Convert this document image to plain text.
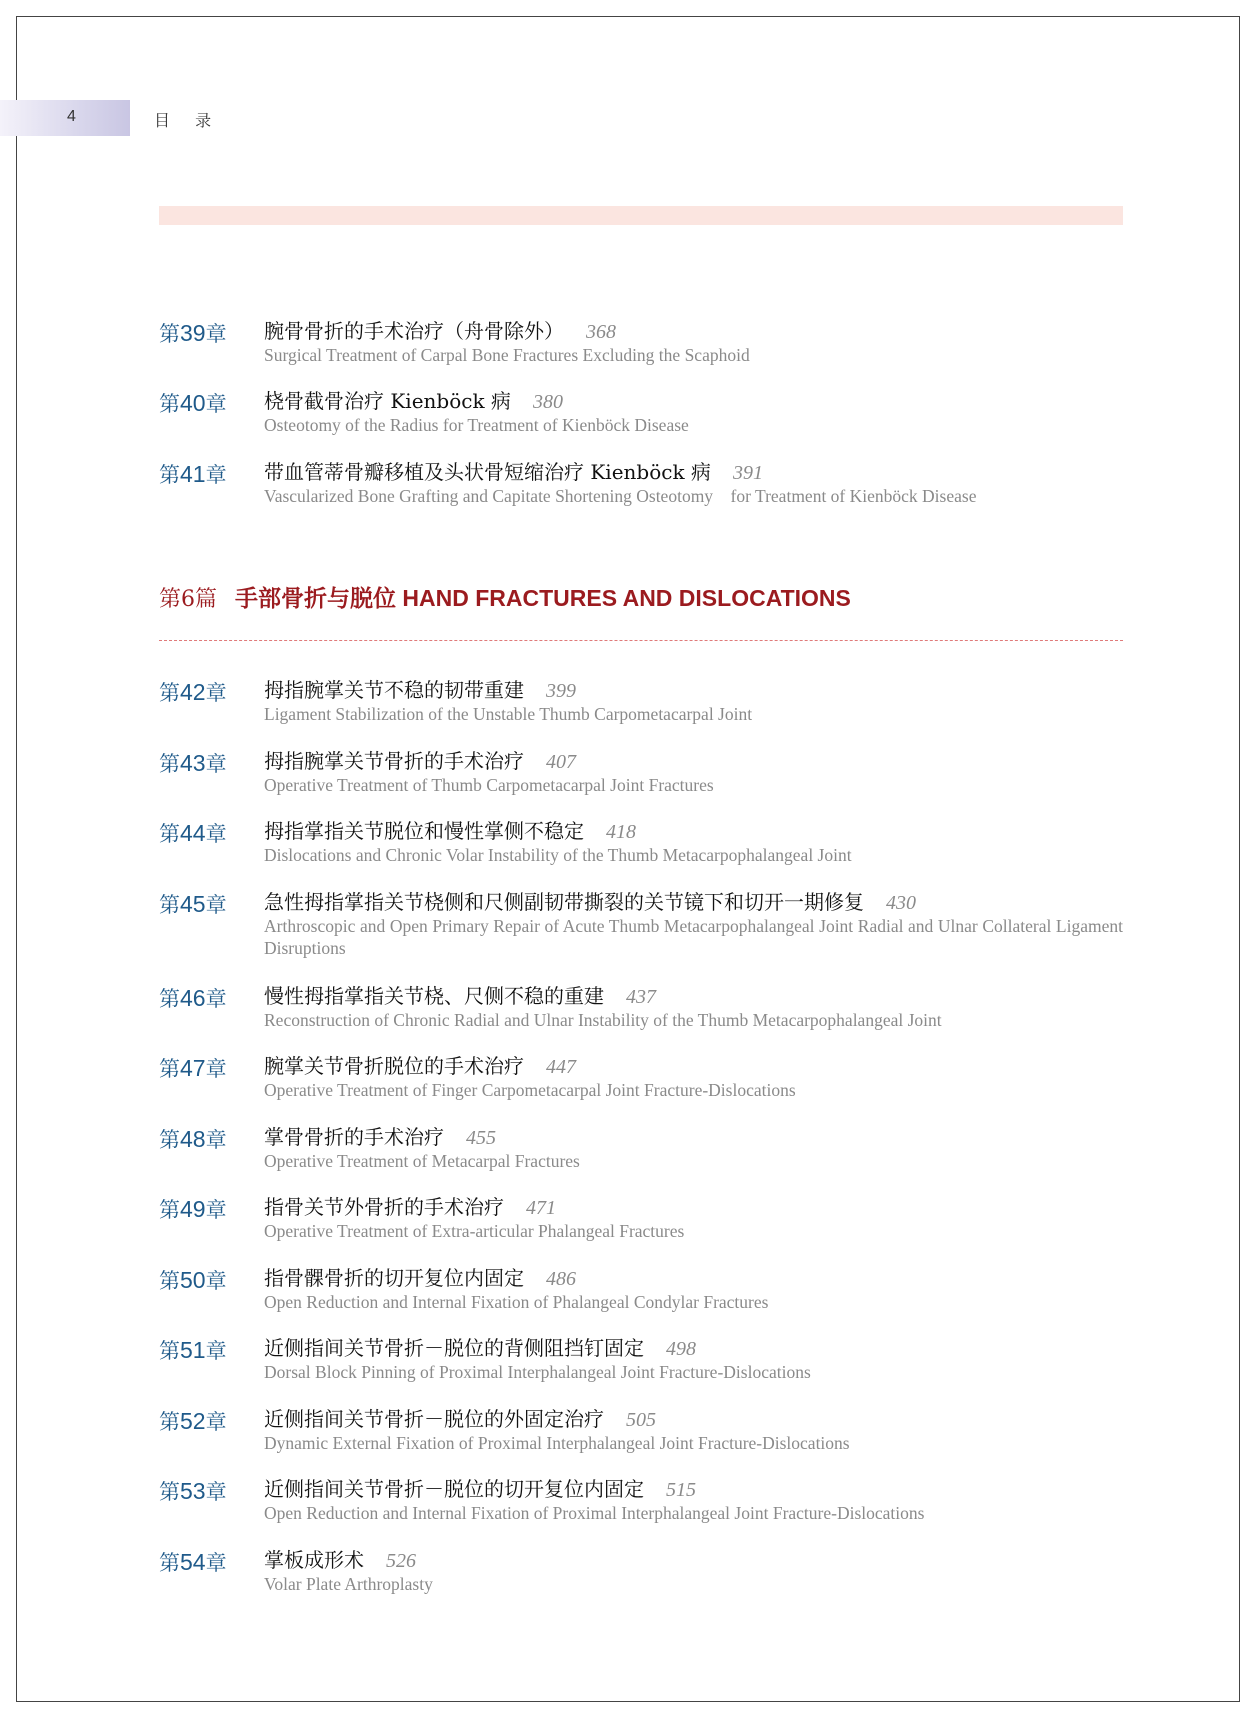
4	目 录
第39章 腕骨骨折的手术治疗（舟骨除外） 368
Surgical Treatment of Carpal Bone Fractures Excluding the Scaphoid
第40章 桡骨截骨治疗 Kienböck 病 380
Osteotomy of the Radius for Treatment of Kienböck Disease
第41章 带血管蒂骨瓣移植及头状骨短缩治疗 Kienböck 病 391
Vascularized Bone Grafting and Capitate Shortening Osteotomy　for Treatment of Kienböck Disease
第6篇 手部骨折与脱位 HAND FRACTURES AND DISLOCATIONS
第42章 拇指腕掌关节不稳的韧带重建 399
Ligament Stabilization of the Unstable Thumb Carpometacarpal Joint
第43章 拇指腕掌关节骨折的手术治疗 407
Operative Treatment of Thumb Carpometacarpal Joint Fractures
第44章 拇指掌指关节脱位和慢性掌侧不稳定 418
Dislocations and Chronic Volar Instability of the Thumb Metacarpophalangeal Joint
第45章 急性拇指掌指关节桡侧和尺侧副韧带撕裂的关节镜下和切开一期修复 430
Arthroscopic and Open Primary Repair of Acute Thumb Metacarpophalangeal Joint Radial and Ulnar Collateral Ligament Disruptions
第46章 慢性拇指掌指关节桡、尺侧不稳的重建 437
Reconstruction of Chronic Radial and Ulnar Instability of the Thumb Metacarpophalangeal Joint
第47章 腕掌关节骨折脱位的手术治疗 447
Operative Treatment of Finger Carpometacarpal Joint Fracture-Dislocations
第48章 掌骨骨折的手术治疗 455
Operative Treatment of Metacarpal Fractures
第49章 指骨关节外骨折的手术治疗 471
Operative Treatment of Extra-articular Phalangeal Fractures
第50章 指骨髁骨折的切开复位内固定 486
Open Reduction and Internal Fixation of Phalangeal Condylar Fractures
第51章 近侧指间关节骨折－脱位的背侧阻挡钉固定 498
Dorsal Block Pinning of Proximal Interphalangeal Joint Fracture-Dislocations
第52章 近侧指间关节骨折－脱位的外固定治疗 505
Dynamic External Fixation of Proximal Interphalangeal Joint Fracture-Dislocations
第53章 近侧指间关节骨折－脱位的切开复位内固定 515
Open Reduction and Internal Fixation of Proximal Interphalangeal Joint Fracture-Dislocations
第54章 掌板成形术 526
Volar Plate Arthroplasty
